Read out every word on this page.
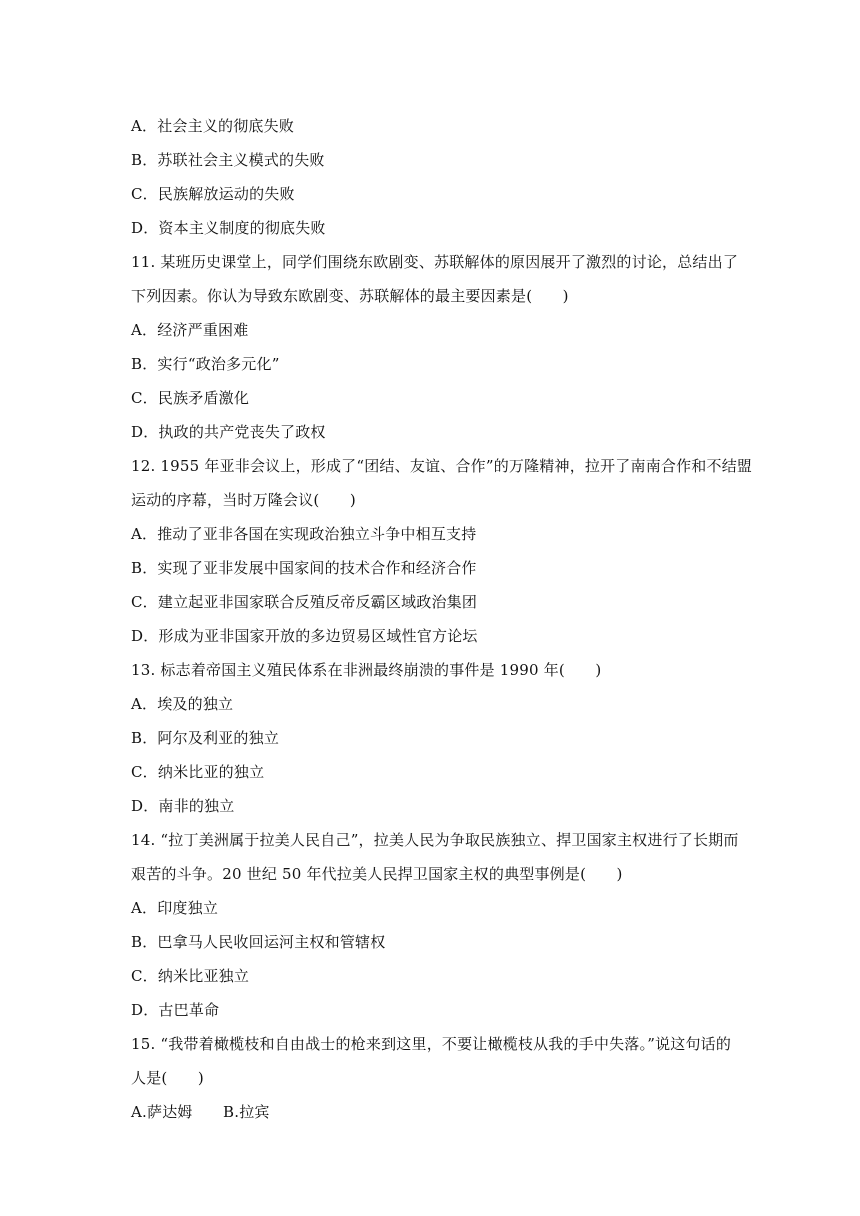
A．社会主义的彻底失败
B．苏联社会主义模式的失败
C．民族解放运动的失败
D．资本主义制度的彻底失败
11. 某班历史课堂上，同学们围绕东欧剧变、苏联解体的原因展开了激烈的讨论，总结出了
下列因素。你认为导致东欧剧变、苏联解体的最主要因素是(　　)
A．经济严重困难
B．实行“政治多元化”
C．民族矛盾激化
D．执政的共产党丧失了政权
12. 1955 年亚非会议上，形成了“团结、友谊、合作”的万隆精神，拉开了南南合作和不结盟
运动的序幕，当时万隆会议(　　)
A．推动了亚非各国在实现政治独立斗争中相互支持
B．实现了亚非发展中国家间的技术合作和经济合作
C．建立起亚非国家联合反殖反帝反霸区域政治集团
D．形成为亚非国家开放的多边贸易区域性官方论坛
13. 标志着帝国主义殖民体系在非洲最终崩溃的事件是 1990 年(　　)
A．埃及的独立
B．阿尔及利亚的独立
C．纳米比亚的独立
D．南非的独立
14. “拉丁美洲属于拉美人民自己”，拉美人民为争取民族独立、捍卫国家主权进行了长期而
艰苦的斗争。20 世纪 50 年代拉美人民捍卫国家主权的典型事例是(　　)
A．印度独立
B．巴拿马人民收回运河主权和管辖权
C．纳米比亚独立
D．古巴革命
15. “我带着橄榄枝和自由战士的枪来到这里，不要让橄榄枝从我的手中失落。”说这句话的
人是(　　)
A.萨达姆　　B.拉宾
